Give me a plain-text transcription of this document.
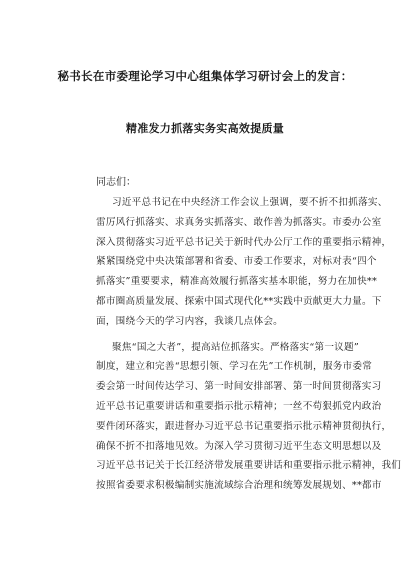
秘书长在市委理论学习中心组集体学习研讨会上的发言：
精准发力抓落实务实高效提质量
同志们：
习近平总书记在中央经济工作会议上强调，要不折不扣抓落实、
雷厉风行抓落实、求真务实抓落实、敢作善为抓落实。市委办公室
深入贯彻落实习近平总书记关于新时代办公厅工作的重要指示精神，
紧紧围绕党中央决策部署和省委、市委工作要求，对标对表“四个
抓落实”重要要求，精准高效履行抓落实基本职能，努力在加快**
都市圈高质量发展、探索中国式现代化**实践中贡献更大力量。下
面，围绕今天的学习内容，我谈几点体会。
聚焦“国之大者”，提高站位抓落实。严格落实“第一议题”
制度，建立和完善“思想引领、学习在先”工作机制，服务市委常
委会第一时间传达学习、第一时间安排部署、第一时间贯彻落实习
近平总书记重要讲话和重要指示批示精神；一丝不苟狠抓党内政治
要件闭环落实，跟进督办习近平总书记重要指示批示精神贯彻执行，
确保不折不扣落地见效。为深入学习贯彻习近平生态文明思想以及
习近平总书记关于长江经济带发展重要讲话和重要指示批示精神，我们
按照省委要求积极编制实施流域综合治理和统筹发展规划、**都市
